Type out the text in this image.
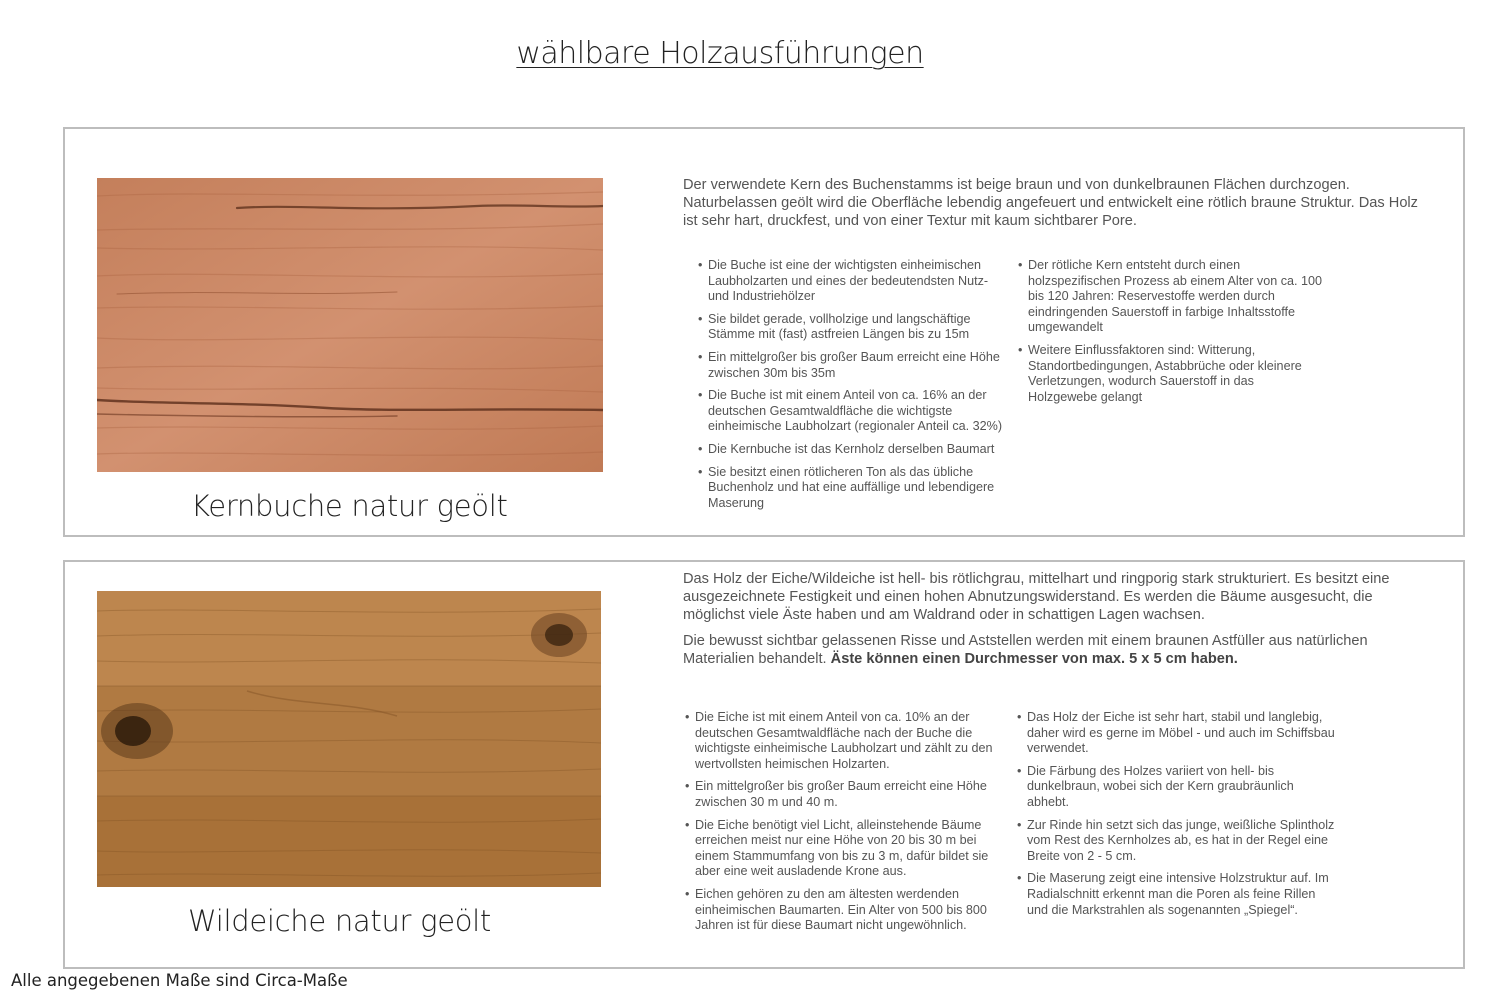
wählbare Holzausführungen
Kernbuche natur geölt

Der verwendete Kern des Buchenstamms ist beige braun und von dunkelbraunen Flächen durchzogen. Naturbelassen geölt wird die Oberfläche lebendig angefeuert und entwickelt eine rötlich braune Struktur. Das Holz ist sehr hart, druckfest, und von einer Textur mit kaum sichtbarer Pore.

• Die Buche ist eine der wichtigsten einheimischen Laubholzarten und eines der bedeutendsten Nutz- und Industriehölzer
• Sie bildet gerade, vollholzige und langschäftige Stämme mit (fast) astfreien Längen bis zu 15m
• Ein mittelgroßer bis großer Baum erreicht eine Höhe zwischen 30m bis 35m
• Die Buche ist mit einem Anteil von ca. 16% an der deutschen Gesamtwaldfläche die wichtigste einheimische Laubholzart (regionaler Anteil ca. 32%)
• Die Kernbuche ist das Kernholz derselben Baumart
• Sie besitzt einen rötlicheren Ton als das übliche Buchenholz und hat eine auffällige und lebendigere Maserung
• Der rötliche Kern entsteht durch einen holzspezifischen Prozess ab einem Alter von ca. 100 bis 120 Jahren: Reservestoffe werden durch eindringenden Sauerstoff in farbige Inhaltsstoffe umgewandelt
• Weitere Einflussfaktoren sind: Witterung, Standortbedingungen, Astabbrüche oder kleinere Verletzungen, wodurch Sauerstoff in das Holzgewebe gelangt
Wildeiche natur geölt

Das Holz der Eiche/Wildeiche ist hell- bis rötlichgrau, mittelhart und ringporig stark strukturiert. Es besitzt eine ausgezeichnete Festigkeit und einen hohen Abnutzungswiderstand. Es werden die Bäume ausgesucht, die möglichst viele Äste haben und am Waldrand oder in schattigen Lagen wachsen.

Die bewusst sichtbar gelassenen Risse und Aststellen werden mit einem braunen Astfüller aus natürlichen Materialien behandelt. Äste können einen Durchmesser von max. 5 x 5 cm haben.

• Die Eiche ist mit einem Anteil von ca. 10% an der deutschen Gesamtwaldfläche nach der Buche die wichtigste einheimische Laubholzart und zählt zu den wertvollsten heimischen Holzarten.
• Ein mittelgroßer bis großer Baum erreicht eine Höhe zwischen 30 m und 40 m.
• Die Eiche benötigt viel Licht, alleinstehende Bäume erreichen meist nur eine Höhe von 20 bis 30 m bei einem Stammumfang von bis zu 3 m, dafür bildet sie aber eine weit ausladende Krone aus.
• Eichen gehören zu den am ältesten werdenden einheimischen Baumarten. Ein Alter von 500 bis 800 Jahren ist für diese Baumart nicht ungewöhnlich.
• Das Holz der Eiche ist sehr hart, stabil und langlebig, daher wird es gerne im Möbel - und auch im Schiffsbau verwendet.
• Die Färbung des Holzes variiert von hell- bis dunkelbraun, wobei sich der Kern graubräunlich abhebt.
• Zur Rinde hin setzt sich das junge, weißliche Splintholz vom Rest des Kernholzes ab, es hat in der Regel eine Breite von 2 - 5 cm.
• Die Maserung zeigt eine intensive Holzstruktur auf. Im Radialschnitt erkennt man die Poren als feine Rillen und die Markstrahlen als sogenannten „Spiegel“.
Alle angegebenen Maße sind Circa-Maße
